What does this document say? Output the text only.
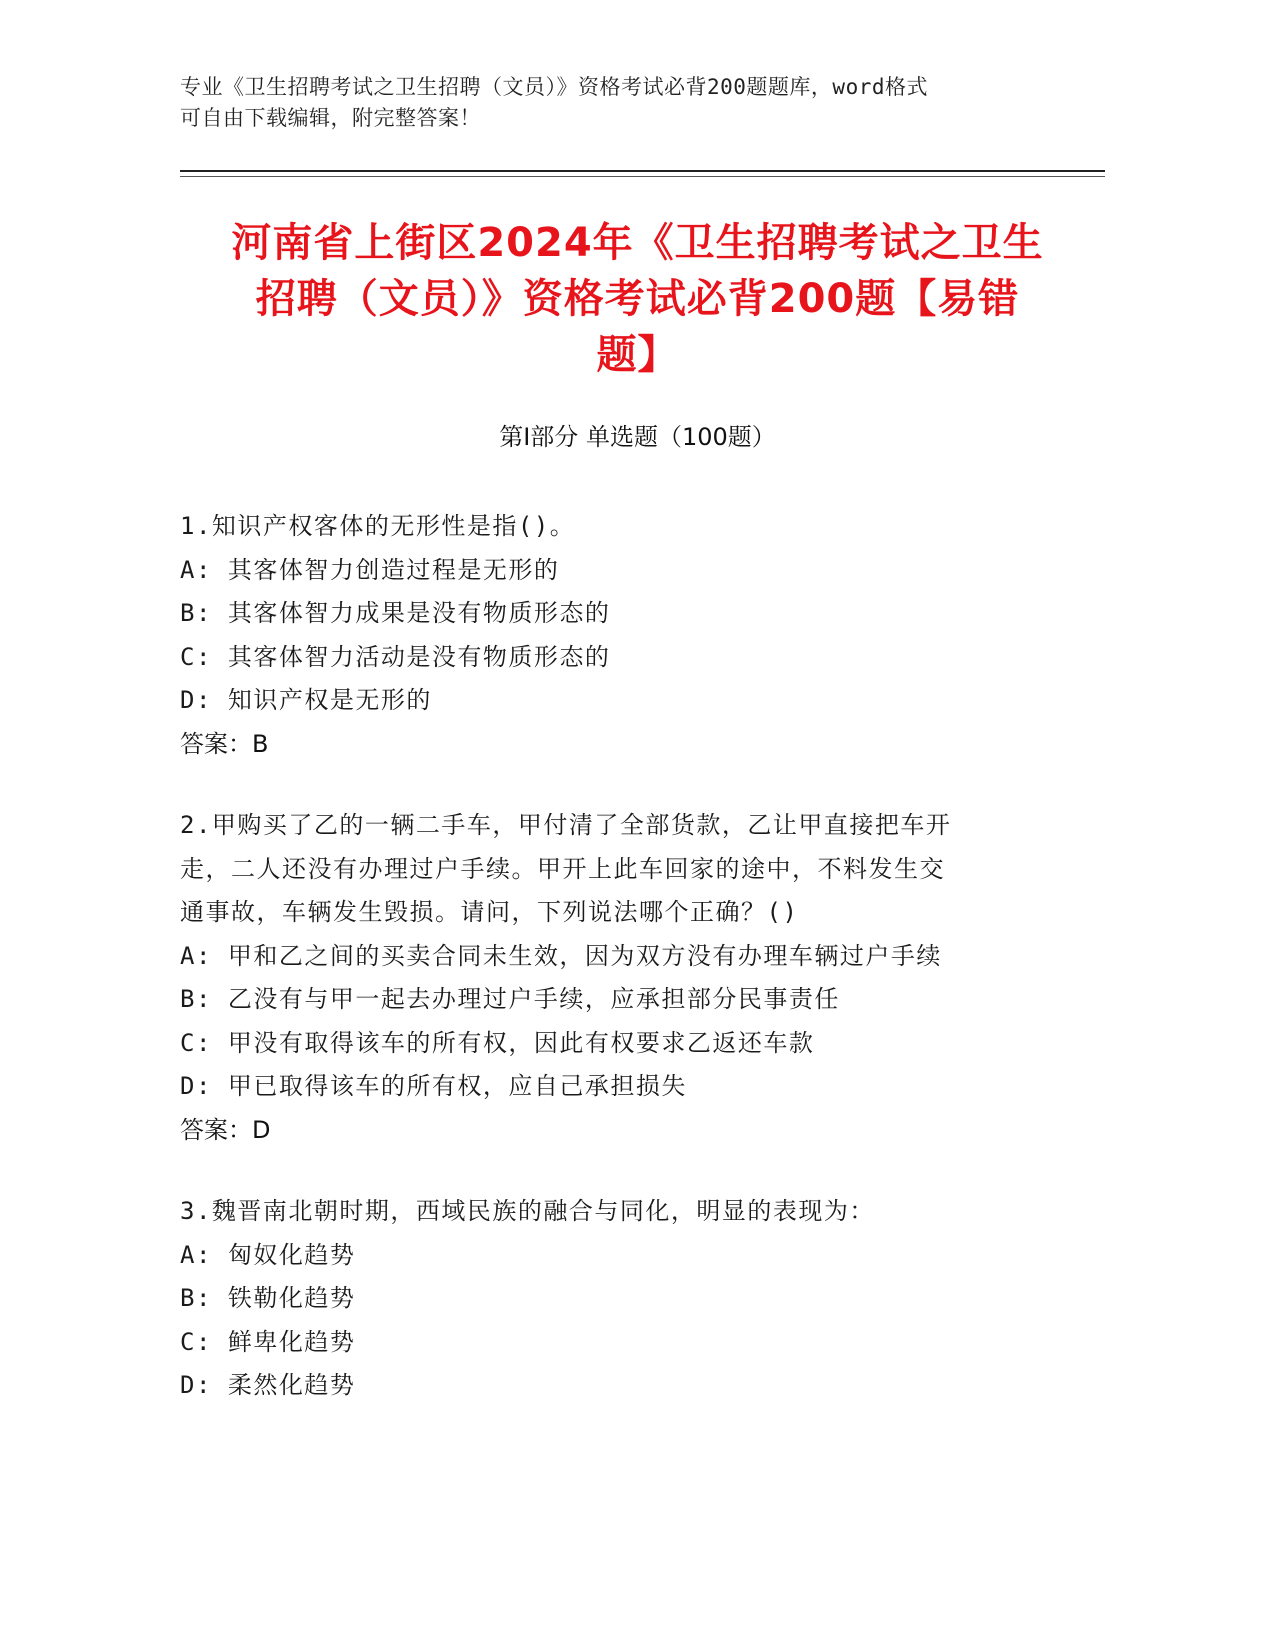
专业《卫生招聘考试之卫生招聘（文员）》资格考试必背200题题库，word格式
可自由下载编辑，附完整答案！
河南省上街区2024年《卫生招聘考试之卫生
招聘（文员）》资格考试必背200题【易错
题】
第Ⅰ部分 单选题（100题）

1.知识产权客体的无形性是指()。

A: 其客体智力创造过程是无形的

B: 其客体智力成果是没有物质形态的

C: 其客体智力活动是没有物质形态的

D: 知识产权是无形的

答案：B

2.甲购买了乙的一辆二手车，甲付清了全部货款，乙让甲直接把车开

走，二人还没有办理过户手续。甲开上此车回家的途中，不料发生交

通事故，车辆发生毁损。请问，下列说法哪个正确？()

A: 甲和乙之间的买卖合同未生效，因为双方没有办理车辆过户手续

B: 乙没有与甲一起去办理过户手续，应承担部分民事责任

C: 甲没有取得该车的所有权，因此有权要求乙返还车款

D: 甲已取得该车的所有权，应自己承担损失

答案：D

3.魏晋南北朝时期，西域民族的融合与同化，明显的表现为：

A: 匈奴化趋势

B: 铁勒化趋势

C: 鲜卑化趋势

D: 柔然化趋势
